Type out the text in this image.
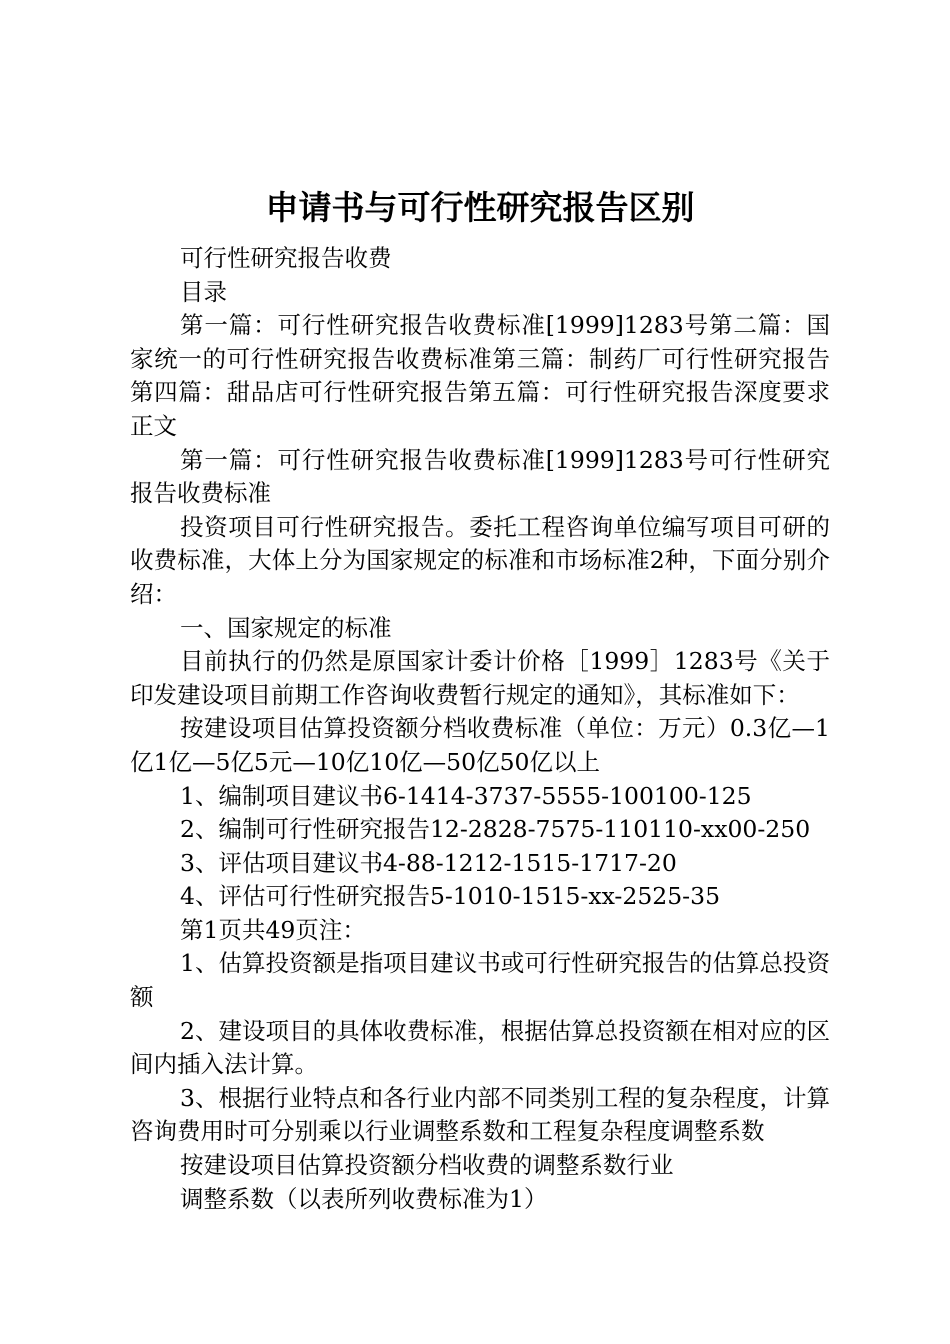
申请书与可行性研究报告区别

可行性研究报告收费

目录

第一篇：可行性研究报告收费标准[1999]1283号第二篇：国家统一的可行性研究报告收费标准第三篇：制药厂可行性研究报告第四篇：甜品店可行性研究报告第五篇：可行性研究报告深度要求正文

第一篇：可行性研究报告收费标准[1999]1283号可行性研究报告收费标准

投资项目可行性研究报告。委托工程咨询单位编写项目可研的收费标准，大体上分为国家规定的标准和市场标准2种，下面分别介绍：

一、国家规定的标准

目前执行的仍然是原国家计委计价格［1999］1283号《关于印发建设项目前期工作咨询收费暂行规定的通知》，其标准如下：

按建设项目估算投资额分档收费标准（单位：万元）0.3亿—1亿1亿—5亿5元—10亿10亿—50亿50亿以上

1、编制项目建议书6-1414-3737-5555-100100-125

2、编制可行性研究报告12-2828-7575-110110-xx00-250

3、评估项目建议书4-88-1212-1515-1717-20

4、评估可行性研究报告5-1010-1515-xx-2525-35

第1页共49页注：

1、估算投资额是指项目建议书或可行性研究报告的估算总投资额

2、建设项目的具体收费标准，根据估算总投资额在相对应的区间内插入法计算。

3、根据行业特点和各行业内部不同类别工程的复杂程度，计算咨询费用时可分别乘以行业调整系数和工程复杂程度调整系数

按建设项目估算投资额分档收费的调整系数行业

调整系数（以表所列收费标准为1）
